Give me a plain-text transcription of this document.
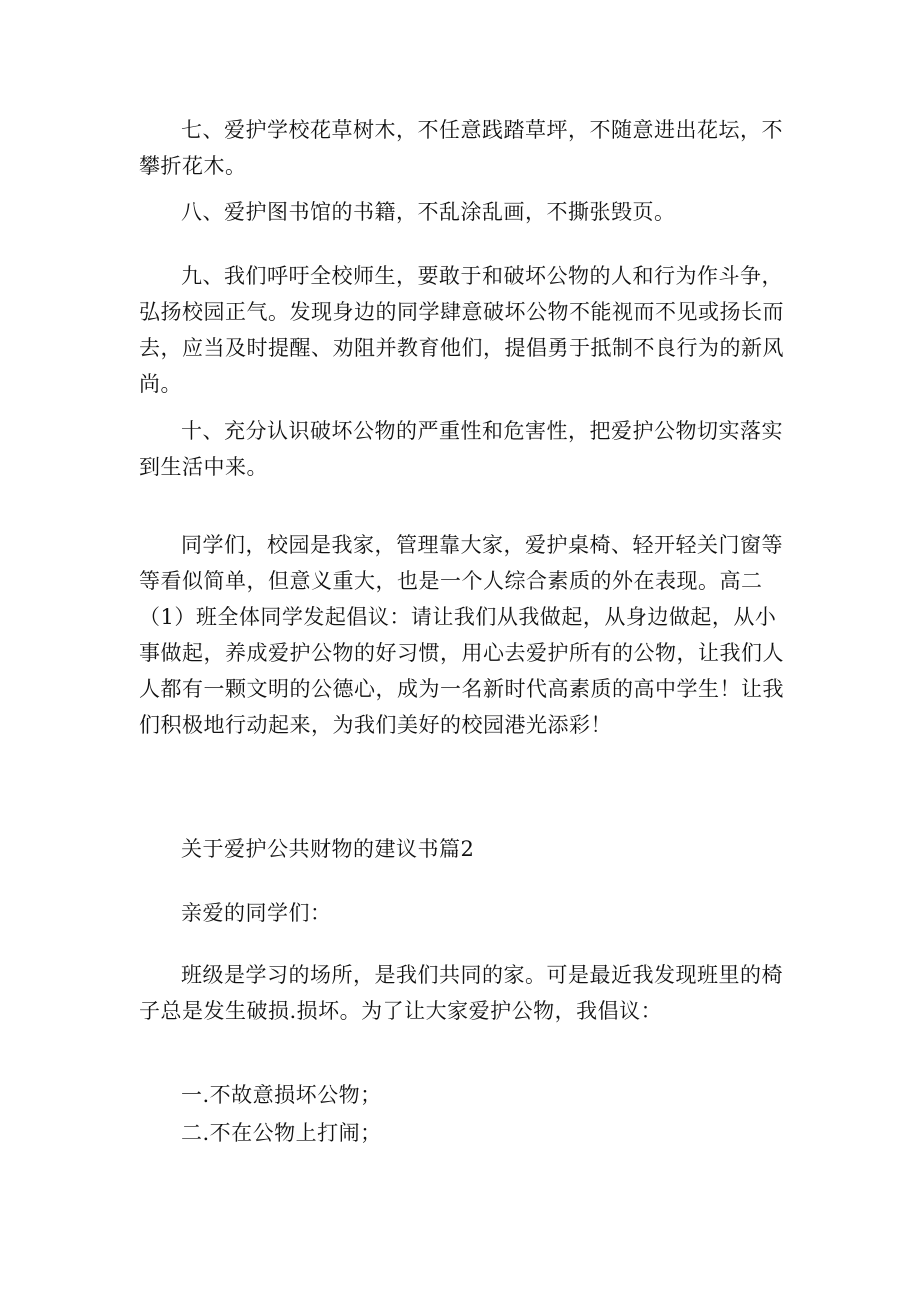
七、爱护学校花草树木，不任意践踏草坪，不随意进出花坛，不攀折花木。

八、爱护图书馆的书籍，不乱涂乱画，不撕张毁页。

九、我们呼吁全校师生，要敢于和破坏公物的人和行为作斗争，弘扬校园正气。发现身边的同学肆意破坏公物不能视而不见或扬长而去，应当及时提醒、劝阻并教育他们，提倡勇于抵制不良行为的新风尚。

十、充分认识破坏公物的严重性和危害性，把爱护公物切实落实到生活中来。

同学们，校园是我家，管理靠大家，爱护桌椅、轻开轻关门窗等等看似简单，但意义重大，也是一个人综合素质的外在表现。高二（1）班全体同学发起倡议：请让我们从我做起，从身边做起，从小事做起，养成爱护公物的好习惯，用心去爱护所有的公物，让我们人人都有一颗文明的公德心，成为一名新时代高素质的高中学生！让我们积极地行动起来，为我们美好的校园港光添彩！

关于爱护公共财物的建议书篇2

亲爱的同学们：

班级是学习的场所，是我们共同的家。可是最近我发现班里的椅子总是发生破损.损坏。为了让大家爱护公物，我倡议：

一.不故意损坏公物；

二.不在公物上打闹；
